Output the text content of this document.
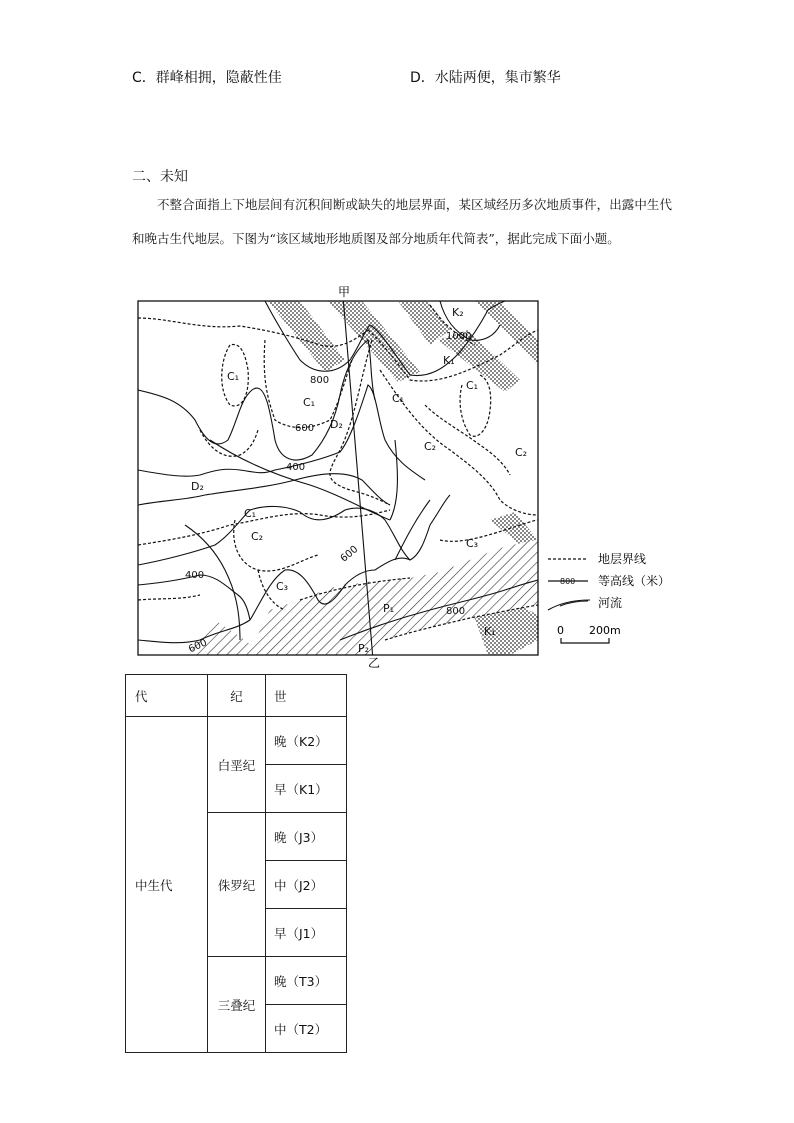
C．群峰相拥，隐蔽性佳	D．水陆两便，集市繁华
二、未知
不整合面指上下地层间有沉积间断或缺失的地层界面，某区域经历多次地质事件，出露中生代和晚古生代地层。下图为“该区域地形地质图及部分地质年代简表”，据此完成下面小题。
甲
乙
K₂
K₁
C₁
C₁	C₁
C₁
C₁
D₂
D₂
C₂	C₂
C₂
C₃
C₃
P₁
P₂
K₁
1000
800
600
400
600
400
800
600
地层界线
800 等高线（米）
河流
0 200m
代	纪	世
中生代	白垩纪	晚（K2）
		早（K1）
	侏罗纪	晚（J3）
		中（J2）
		早（J1）
	三叠纪	晚（T3）
		中（T2）
